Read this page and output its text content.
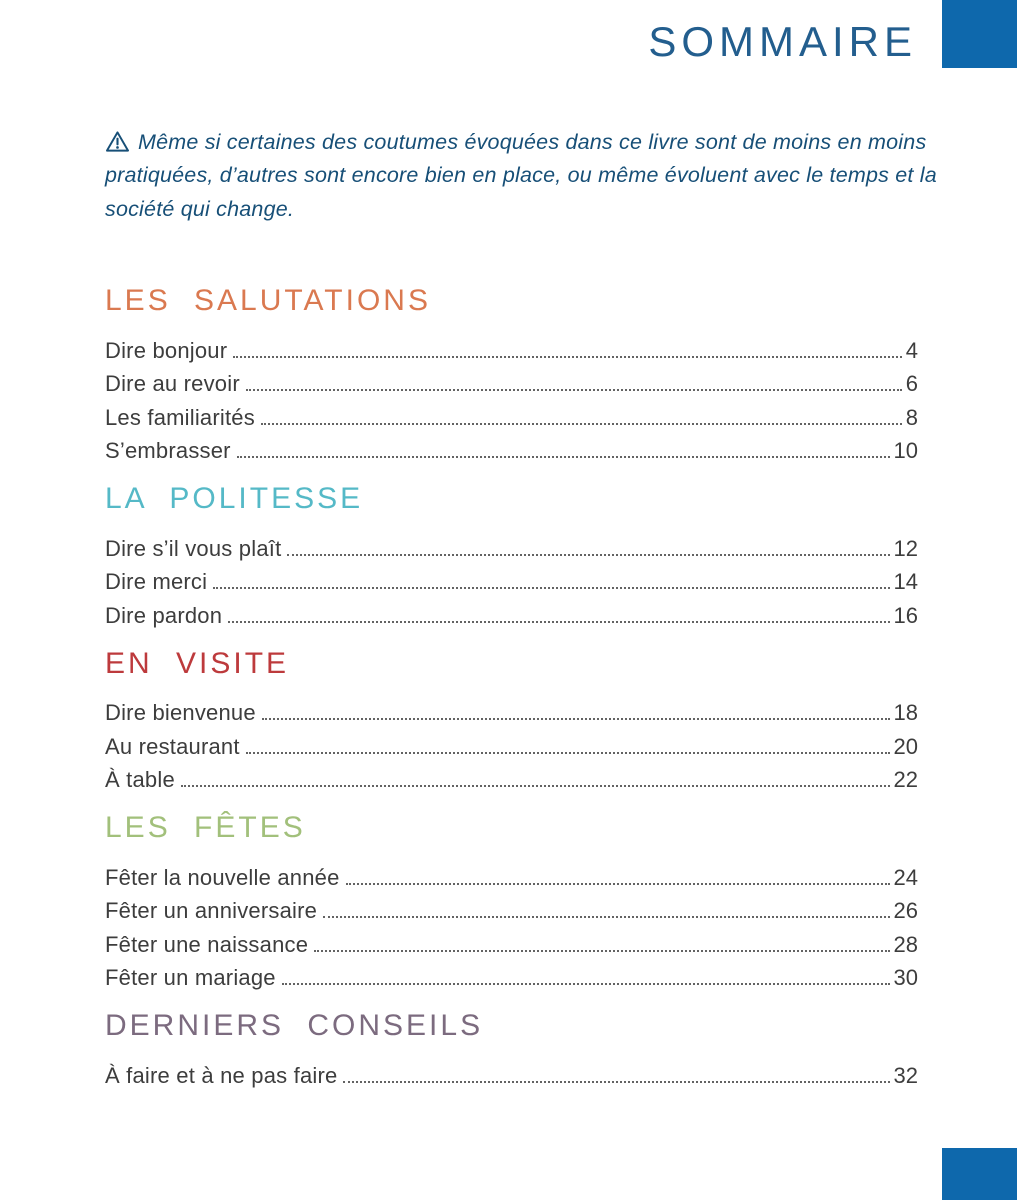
SOMMAIRE
Même si certaines des coutumes évoquées dans ce livre sont de moins en moins pratiquées, d’autres sont encore bien en place, ou même évoluent avec le temps et la société qui change.
LES SALUTATIONS
Dire bonjour	4
Dire au revoir	6
Les familiarités	8
S’embrasser	10
LA POLITESSE
Dire s’il vous plaît	12
Dire merci	14
Dire pardon	16
EN VISITE
Dire bienvenue	18
Au restaurant	20
À table	22
LES FÊTES
Fêter la nouvelle année	24
Fêter un anniversaire	26
Fêter une naissance	28
Fêter un mariage	30
DERNIERS CONSEILS
À faire et à ne pas faire	32
